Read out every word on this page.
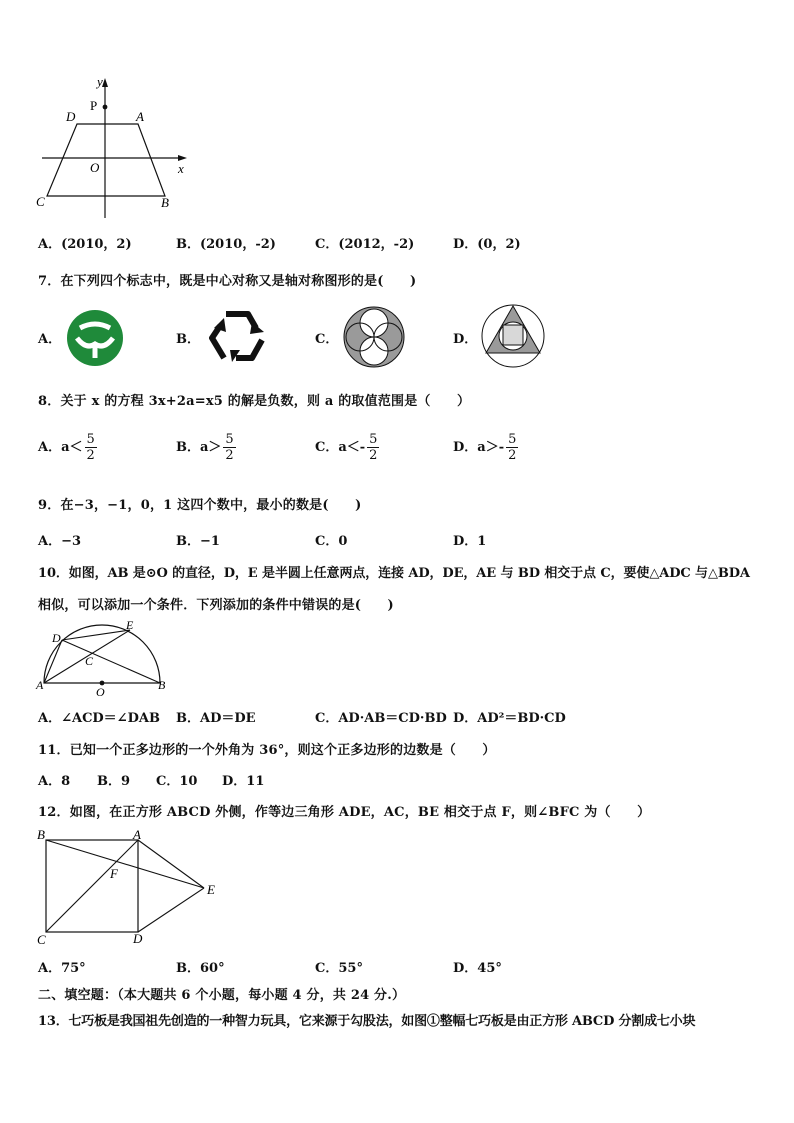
y
P
D	A
O	x
C	B
A．(2010，2)	B．(2010，-2)	C．(2012，-2)	D．(0，2)
7．在下列四个标志中，既是中心对称又是轴对称图形的是(　　)
A．	B．	C．	D．
8．关于 x 的方程 3x+2a=x5 的解是负数，则 a 的取值范围是（　　）
A．$a< \frac{5}{2}$	B．$a> \frac{5}{2}$	C．$a<- \frac{5}{2}$	D．$a>- \frac{5}{2}$
9．在−3，−1，0，1 这四个数中，最小的数是(　　)
A．−3	B．−1	C．0	D．1
10．如图，AB 是⊙O 的直径，D，E 是半圆上任意两点，连接 AD，DE，AE 与 BD 相交于点 C，要使△ADC 与△BDA
相似，可以添加一个条件．下列添加的条件中错误的是(　　)
D
E
C
A	O	B
A．∠ACD＝∠DAB B．AD＝DE	C．AD·AB＝CD·BD D．AD²＝BD·CD
11．已知一个正多边形的一个外角为 36°，则这个正多边形的边数是（　　）
A．8 B．9 C．10 D．11
12．如图，在正方形 ABCD 外侧，作等边三角形 ADE，AC，BE 相交于点 F，则∠BFC 为（　　）
B	A
F
E
C	D
A．75°	B．60°	C．55°	D．45°
二、填空题：（本大题共 6 个小题，每小题 4 分，共 24 分.）
13．七巧板是我国祖先创造的一种智力玩具，它来源于勾股法，如图①整幅七巧板是由正方形 ABCD 分割成七小块
